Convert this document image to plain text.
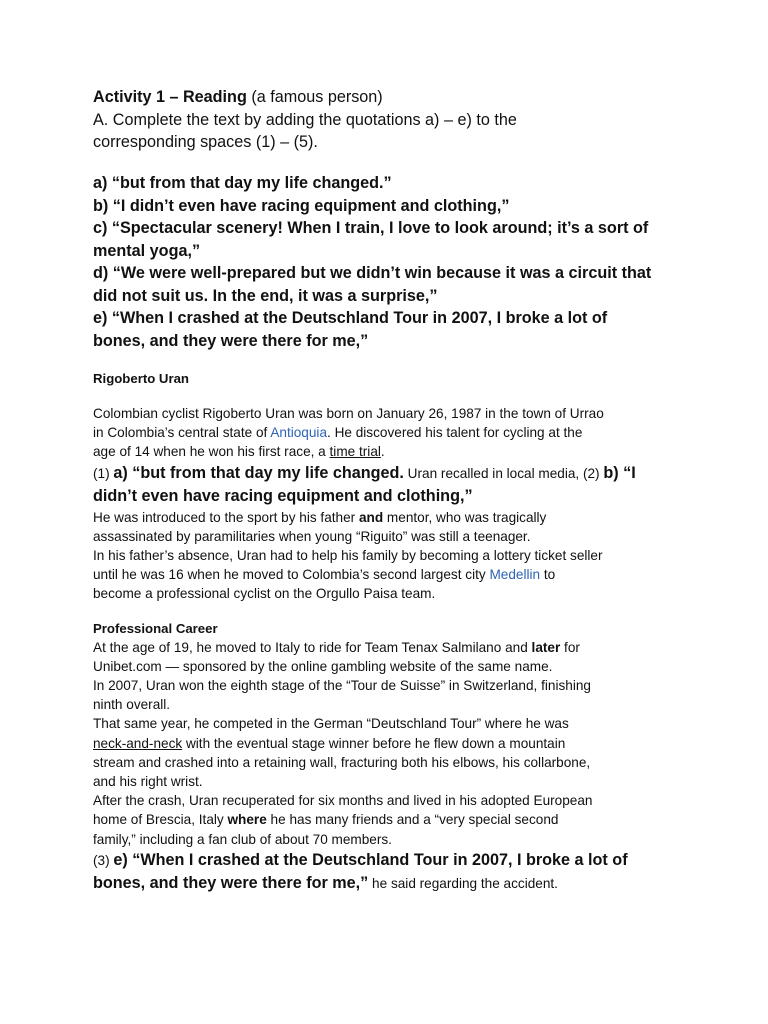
Activity 1 – Reading (a famous person)
A. Complete the text by adding the quotations a) – e) to the
corresponding spaces (1) – (5).
a) “but from that day my life changed.”
b) “I didn’t even have racing equipment and clothing,”
c) “Spectacular scenery! When I train, I love to look around; it’s a sort of
mental yoga,”
d) “We were well-prepared but we didn’t win because it was a circuit that
did not suit us. In the end, it was a surprise,”
e) “When I crashed at the Deutschland Tour in 2007, I broke a lot of
bones, and they were there for me,”
Rigoberto Uran
Colombian cyclist Rigoberto Uran was born on January 26, 1987 in the town of Urrao
in Colombia’s central state of Antioquia. He discovered his talent for cycling at the
age of 14 when he won his first race, a time trial.
(1) a) “but from that day my life changed. Uran recalled in local media, (2) b) “I
didn’t even have racing equipment and clothing,”
He was introduced to the sport by his father and mentor, who was tragically
assassinated by paramilitaries when young “Riguito” was still a teenager.
In his father’s absence, Uran had to help his family by becoming a lottery ticket seller
until he was 16 when he moved to Colombia’s second largest city Medellin to
become a professional cyclist on the Orgullo Paisa team.
Professional Career
At the age of 19, he moved to Italy to ride for Team Tenax Salmilano and later for
Unibet.com — sponsored by the online gambling website of the same name.
In 2007, Uran won the eighth stage of the “Tour de Suisse” in Switzerland, finishing
ninth overall.
That same year, he competed in the German “Deutschland Tour” where he was
neck-and-neck with the eventual stage winner before he flew down a mountain
stream and crashed into a retaining wall, fracturing both his elbows, his collarbone,
and his right wrist.
After the crash, Uran recuperated for six months and lived in his adopted European
home of Brescia, Italy where he has many friends and a “very special second
family,” including a fan club of about 70 members.
(3) e) “When I crashed at the Deutschland Tour in 2007, I broke a lot of
bones, and they were there for me,” he said regarding the accident.
